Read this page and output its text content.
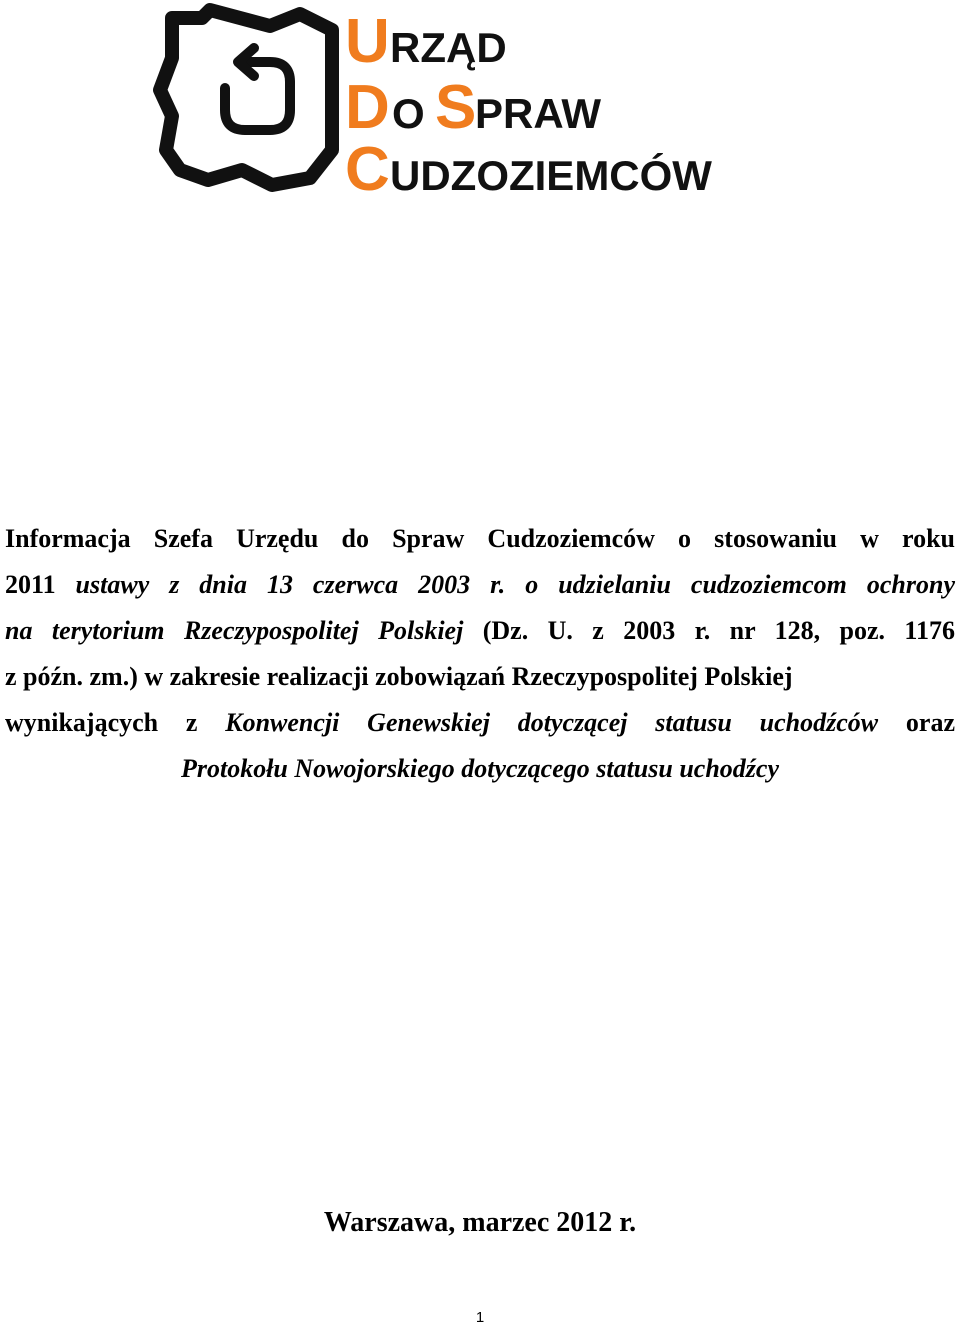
U RZĄD
D O S
PRAW
C UDZOZIEMCÓW
Informacja Szefa Urzędu do Spraw Cudzoziemców o stosowaniu w roku
2011 ustawy z dnia 13 czerwca 2003 r. o udzielaniu cudzoziemcom ochrony
na terytorium Rzeczypospolitej Polskiej (Dz. U. z 2003 r. nr 128, poz. 1176
z późn. zm.) w zakresie realizacji zobowiązań Rzeczypospolitej Polskiej
wynikających z Konwencji Genewskiej dotyczącej statusu uchodźców oraz
Protokołu Nowojorskiego dotyczącego statusu uchodźcy
Warszawa, marzec 2012 r.
1
